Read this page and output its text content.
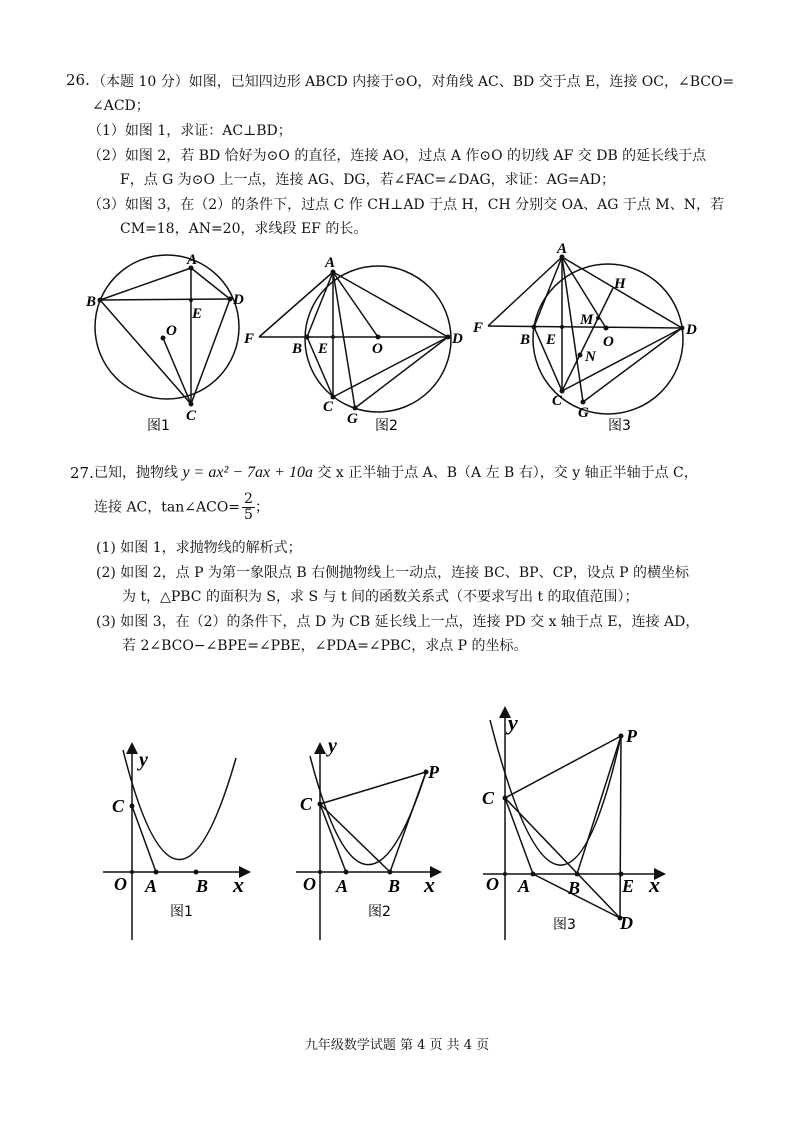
26. （本题 10 分）如图，已知四边形 ABCD 内接于⊙O，对角线 AC、BD 交于点 E，连接 OC，∠BCO=
∠ACD；
（1）如图 1，求证：AC⊥BD；
（2）如图 2，若 BD 恰好为⊙O 的直径，连接 AO，过点 A 作⊙O 的切线 AF 交 DB 的延长线于点
F，点 G 为⊙O 上一点，连接 AG、DG，若∠FAC=∠DAG，求证：AG=AD；
（3）如图 3，在（2）的条件下，过点 C 作 CH⊥AD 于点 H，CH 分别交 OA、AG 于点 M、N，若
CM=18，AN=20，求线段 EF 的长。
A
B	D
E
O
C
图1
A
F
B E	O
D
C
G 图2
A
H
F	M
B E	O
D
N
C
G
图3
27. 已知，抛物线 y = ax² − 7ax + 10a 交 x 正半轴于点 A、B（A 左 B 右），交 y 轴正半轴于点 C，
连接 AC，tan∠ACO= $\frac{2}{5}$ ；
(1) 如图 1，求抛物线的解析式；
(2) 如图 2，点 P 为第一象限点 B 右侧抛物线上一动点，连接 BC、BP、CP，设点 P 的横坐标
为 t，△PBC 的面积为 S，求 S 与 t 间的函数关系式（不要求写出 t 的取值范围）；
(3) 如图 3，在（2）的条件下，点 D 为 CB 延长线上一点，连接 PD 交 x 轴于点 E，连接 AD，
若 2∠BCO−∠BPE=∠PBE，∠PDA=∠PBC，求点 P 的坐标。
y
C
O A B x
图1
y
C
P
O A B x
图2
y
C
P
O A B E x
D
图3
九年级数学试题 第 4 页 共 4 页
